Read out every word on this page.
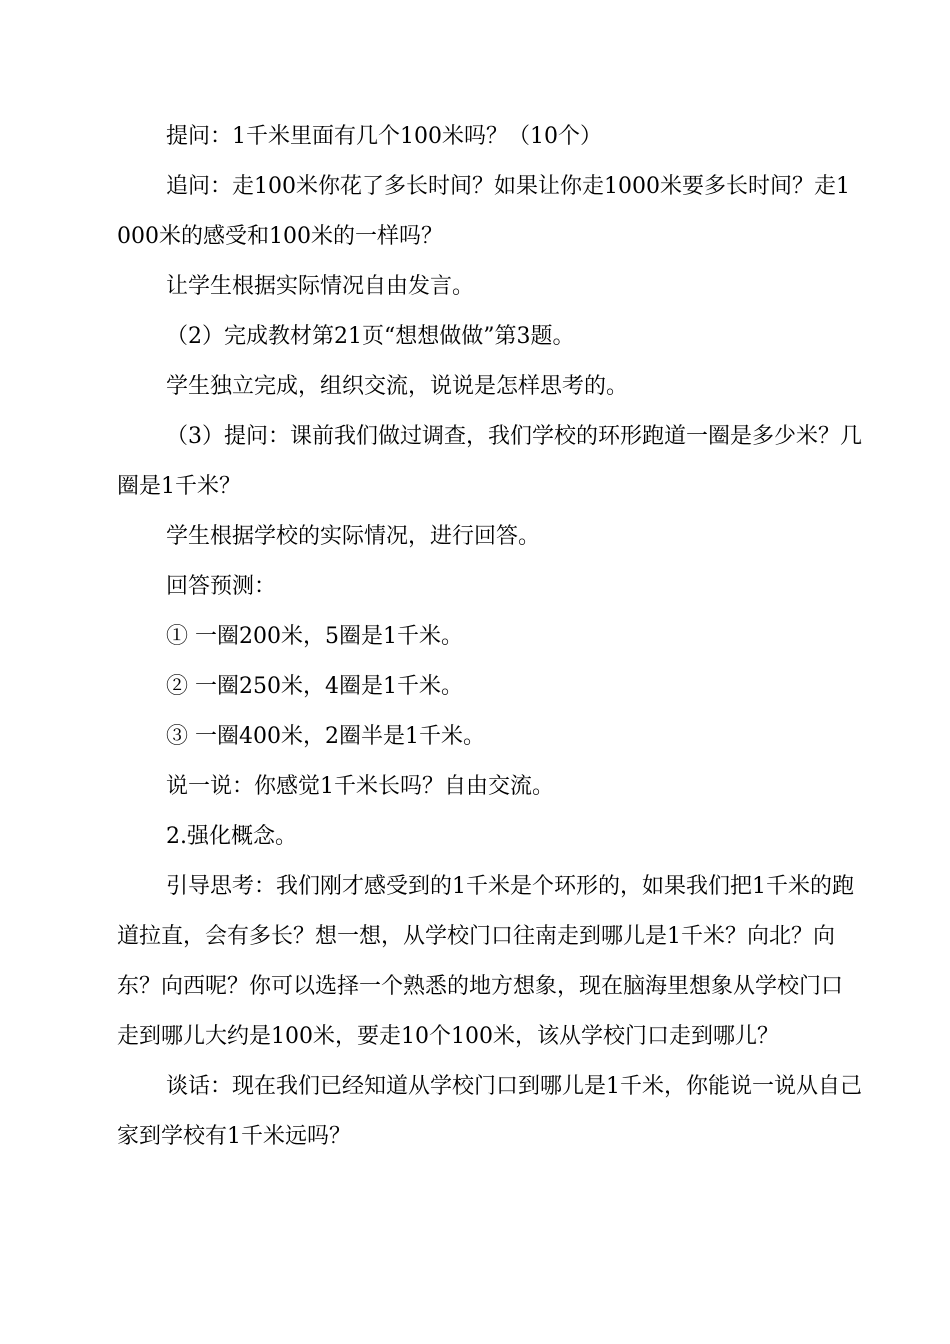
提问：1千米里面有几个100米吗？（10个）

追问：走100米你花了多长时间？如果让你走1000米要多长时间？走1000米的感受和100米的一样吗？

让学生根据实际情况自由发言。

（2）完成教材第21页“想想做做”第3题。

学生独立完成，组织交流，说说是怎样思考的。

（3）提问：课前我们做过调查，我们学校的环形跑道一圈是多少米？几圈是1千米？

学生根据学校的实际情况，进行回答。

回答预测：

① 一圈200米，5圈是1千米。

② 一圈250米，4圈是1千米。

③ 一圈400米，2圈半是1千米。

说一说：你感觉1千米长吗？自由交流。

2.强化概念。

引导思考：我们刚才感受到的1千米是个环形的，如果我们把1千米的跑道拉直，会有多长？想一想，从学校门口往南走到哪儿是1千米？向北？向东？向西呢？你可以选择一个熟悉的地方想象，现在脑海里想象从学校门口走到哪儿大约是100米，要走10个100米，该从学校门口走到哪儿？

谈话：现在我们已经知道从学校门口到哪儿是1千米，你能说一说从自己家到学校有1千米远吗？
